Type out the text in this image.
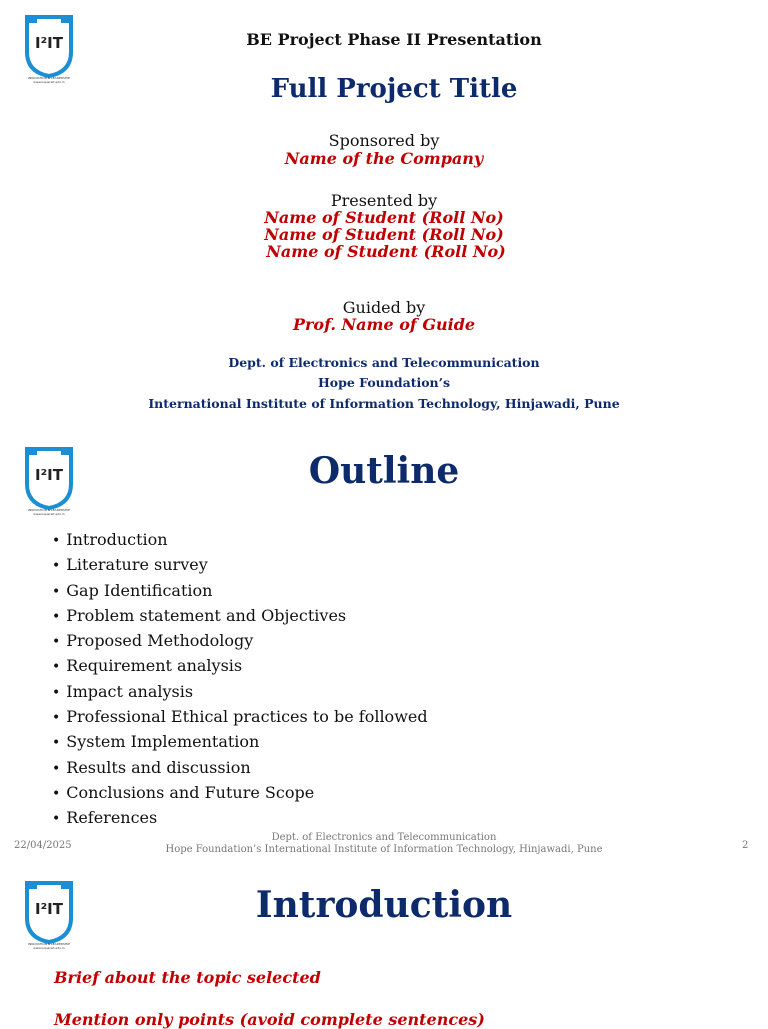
I²IT
INNOVATION & LEADERSHIP
www.isquareit.edu.in
BE Project Phase II Presentation
Full Project Title
Sponsored by
Name of the Company
Presented by
Name of Student (Roll No)
Name of Student (Roll No)
Name of Student (Roll No)
Guided by
Prof. Name of Guide
Dept. of Electronics and Telecommunication
Hope Foundation’s
International Institute of Information Technology, Hinjawadi, Pune
I²IT
INNOVATION & LEADERSHIP
www.isquareit.edu.in
Outline
• Introduction
• Literature survey
• Gap Identification
• Problem statement and Objectives
• Proposed Methodology
• Requirement analysis
• Impact analysis
• Professional Ethical practices to be followed
• System Implementation
• Results and discussion
• Conclusions and Future Scope
• References
22/04/2025
Dept. of Electronics and Telecommunication
Hope Foundation’s International Institute of Information Technology, Hinjawadi, Pune	2
I²IT
INNOVATION & LEADERSHIP
www.isquareit.edu.in
Introduction
Brief about the topic selected
Mention only points (avoid complete sentences)
